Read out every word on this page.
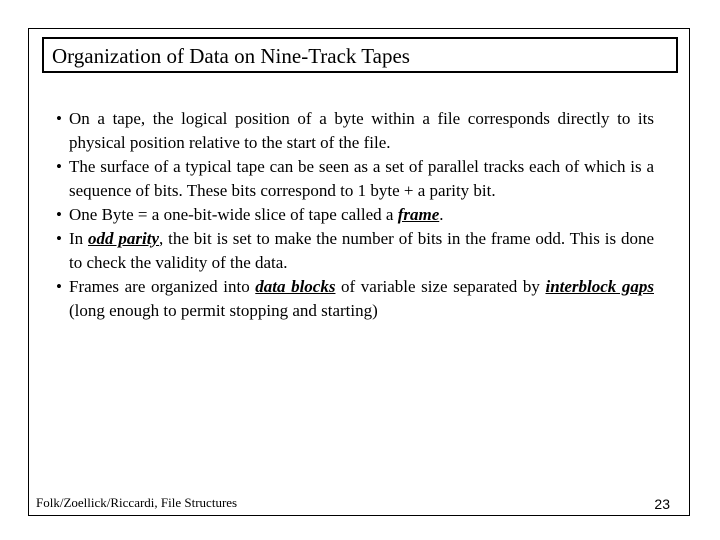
Organization of Data on Nine-Track Tapes
• On a tape, the logical position of a byte within a file corresponds directly to its physical position relative to the start of the file.
• The surface of a typical tape can be seen as a set of parallel tracks each of which is a sequence of bits. These bits correspond to 1 byte + a parity bit.
• One Byte = a one-bit-wide slice of tape called a frame.
• In odd parity, the bit is set to make the number of bits in the frame odd. This is done to check the validity of the data.
• Frames are organized into data blocks of variable size separated by interblock gaps (long enough to permit stopping and starting)
Folk/Zoellick/Riccardi, File Structures	23
